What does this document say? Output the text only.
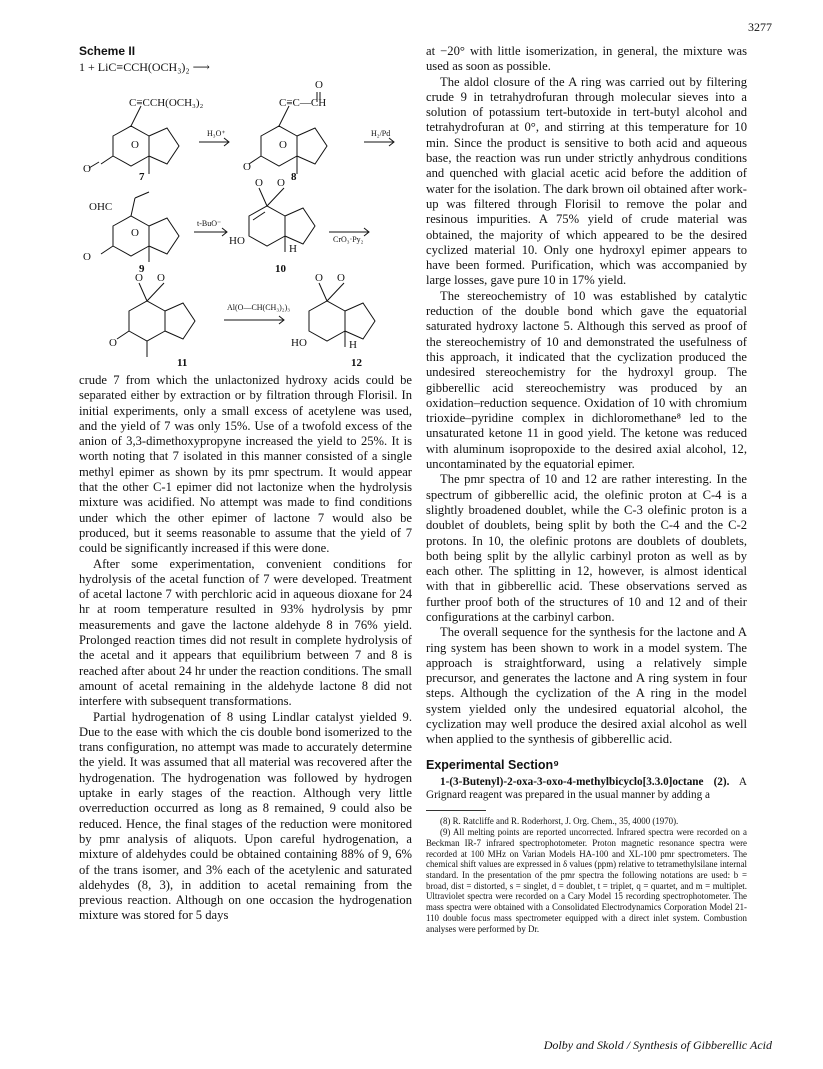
3277
Scheme II
1 + LiC≡CCH(OCH₃)₂ ⟶
C≡CCH(OCH₃)₂
O
O
H₃O⁺
O
C≡C—CH
O
O
H₂/Pd
7	8
OHC
O
O
t-BuO⁻
O O
HO
H
CrO₃·Py₂
9	10
O O
O
Al(O—CH(CH₃)₂)₃
O O
HO	H
11	12

crude 7 from which the unlactonized hydroxy acids could be separated either by extraction or by filtration through Florisil. In initial experiments, only a small excess of acetylene was used, and the yield of 7 was only 15%. Use of a twofold excess of the anion of 3,3-dimethoxypropyne increased the yield to 25%. It is worth noting that 7 isolated in this manner consisted of a single methyl epimer as shown by its pmr spectrum. It would appear that the other C-1 epimer did not lactonize when the hydrolysis mixture was acidified. No attempt was made to find conditions under which the other epimer of lactone 7 would also be produced, but it seems reasonable to assume that the yield of 7 could be significantly increased if this were done.

After some experimentation, convenient conditions for hydrolysis of the acetal function of 7 were developed. Treatment of acetal lactone 7 with perchloric acid in aqueous dioxane for 24 hr at room temperature resulted in 93% hydrolysis by pmr measurements and gave the lactone aldehyde 8 in 76% yield. Prolonged reaction times did not result in complete hydrolysis of the acetal and it appears that equilibrium between 7 and 8 is reached after about 24 hr under the reaction conditions. The small amount of acetal remaining in the aldehyde lactone 8 did not interfere with subsequent transformations.

Partial hydrogenation of 8 using Lindlar catalyst yielded 9. Due to the ease with which the cis double bond isomerized to the trans configuration, no attempt was made to accurately determine the yield. It was assumed that all material was recovered after the hydrogenation. The hydrogenation was followed by hydrogen uptake in early stages of the reaction. Although very little overreduction occurred as long as 8 remained, 9 could also be reduced. Hence, the final stages of the reduction were monitored by pmr analysis of aliquots. Upon careful hydrogenation, a mixture of aldehydes could be obtained containing 88% of 9, 6% of the trans isomer, and 3% each of the acetylenic and saturated aldehydes (8, 3), in addition to acetal remaining from the previous reaction. Although on one occasion the hydrogenation mixture was stored for 5 days

at −20° with little isomerization, in general, the mixture was used as soon as possible.

The aldol closure of the A ring was carried out by filtering crude 9 in tetrahydrofuran through molecular sieves into a solution of potassium tert-butoxide in tert-butyl alcohol and tetrahydrofuran at 0°, and stirring at this temperature for 10 min. Since the product is sensitive to both acid and aqueous base, the reaction was run under strictly anhydrous conditions and quenched with glacial acetic acid before the addition of water for the isolation. The dark brown oil obtained after work-up was filtered through Florisil to remove the polar and resinous impurities. A 75% yield of crude material was obtained, the majority of which appeared to be the desired cyclized material 10. Only one hydroxyl epimer appears to have been formed. Purification, which was accompanied by large losses, gave pure 10 in 17% yield.

The stereochemistry of 10 was established by catalytic reduction of the double bond which gave the equatorial saturated hydroxy lactone 5. Although this served as proof of the stereochemistry of 10 and demonstrated the usefulness of this approach, it indicated that the cyclization produced the undesired stereochemistry for the hydroxyl group. The gibberellic acid stereochemistry was produced by an oxidation–reduction sequence. Oxidation of 10 with chromium trioxide–pyridine complex in dichloromethane⁸ led to the unsaturated ketone 11 in good yield. The ketone was reduced with aluminum isopropoxide to the desired axial alcohol, 12, uncontaminated by the equatorial epimer.

The pmr spectra of 10 and 12 are rather interesting. In the spectrum of gibberellic acid, the olefinic proton at C-4 is a slightly broadened doublet, while the C-3 olefinic proton is a doublet of doublets, being split by both the C-4 and the C-2 protons. In 10, the olefinic protons are doublets of doublets, both being split by the allylic carbinyl proton as well as by each other. The splitting in 12, however, is almost identical with that in gibberellic acid. These observations served as further proof both of the structures of 10 and 12 and of their configurations at the carbinyl carbon.

The overall sequence for the synthesis for the lactone and A ring system has been shown to work in a model system. The approach is straightforward, using a relatively simple precursor, and generates the lactone and A ring system in four steps. Although the cyclization of the A ring in the model system yielded only the undesired equatorial alcohol, the cyclization may well produce the desired axial alcohol as well when applied to the synthesis of gibberellic acid.

Experimental Section⁹

1-(3-Butenyl)-2-oxa-3-oxo-4-methylbicyclo[3.3.0]octane (2). A Grignard reagent was prepared in the usual manner by adding a

(8) R. Ratcliffe and R. Roderhorst, J. Org. Chem., 35, 4000 (1970).

(9) All melting points are reported uncorrected. Infrared spectra were recorded on a Beckman IR-7 infrared spectrophotometer. Proton magnetic resonance spectra were recorded at 100 MHz on Varian Models HA-100 and XL-100 pmr spectrometers. The chemical shift values are expressed in δ values (ppm) relative to tetramethylsilane internal standard. In the presentation of the pmr spectra the following notations are used: b = broad, dist = distorted, s = singlet, d = doublet, t = triplet, q = quartet, and m = multiplet. Ultraviolet spectra were recorded on a Cary Model 15 recording spectrophotometer. The mass spectra were obtained with a Consolidated Electrodynamics Corporation Model 21-110 double focus mass spectrometer equipped with a direct inlet system. Combustion analyses were performed by Dr.

Dolby and Skold / Synthesis of Gibberellic Acid
